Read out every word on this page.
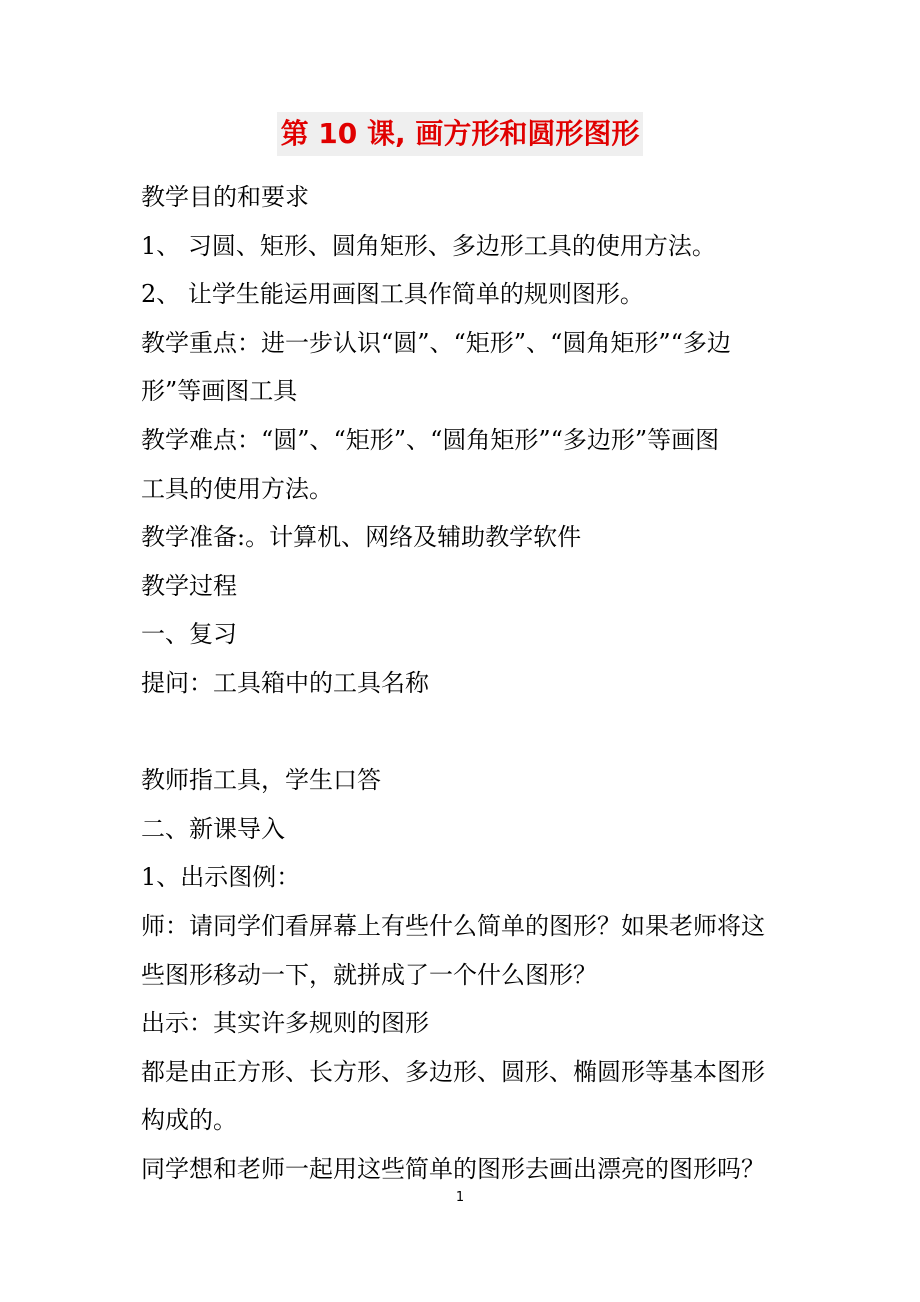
第 10 课, 画方形和圆形图形
教学目的和要求
1、 习圆、矩形、圆角矩形、多边形工具的使用方法。
2、 让学生能运用画图工具作简单的规则图形。
教学重点：进一步认识“圆”、“矩形”、“圆角矩形”“多边
形”等画图工具
教学难点：“圆”、“矩形”、“圆角矩形”“多边形”等画图
工具的使用方法。
教学准备:。计算机、网络及辅助教学软件
教学过程
一、复习
提问：工具箱中的工具名称
教师指工具，学生口答
二、新课导入
1、出示图例：
师：请同学们看屏幕上有些什么简单的图形？如果老师将这
些图形移动一下，就拼成了一个什么图形？
出示：其实许多规则的图形
都是由正方形、长方形、多边形、圆形、椭圆形等基本图形
构成的。
同学想和老师一起用这些简单的图形去画出漂亮的图形吗？
1
